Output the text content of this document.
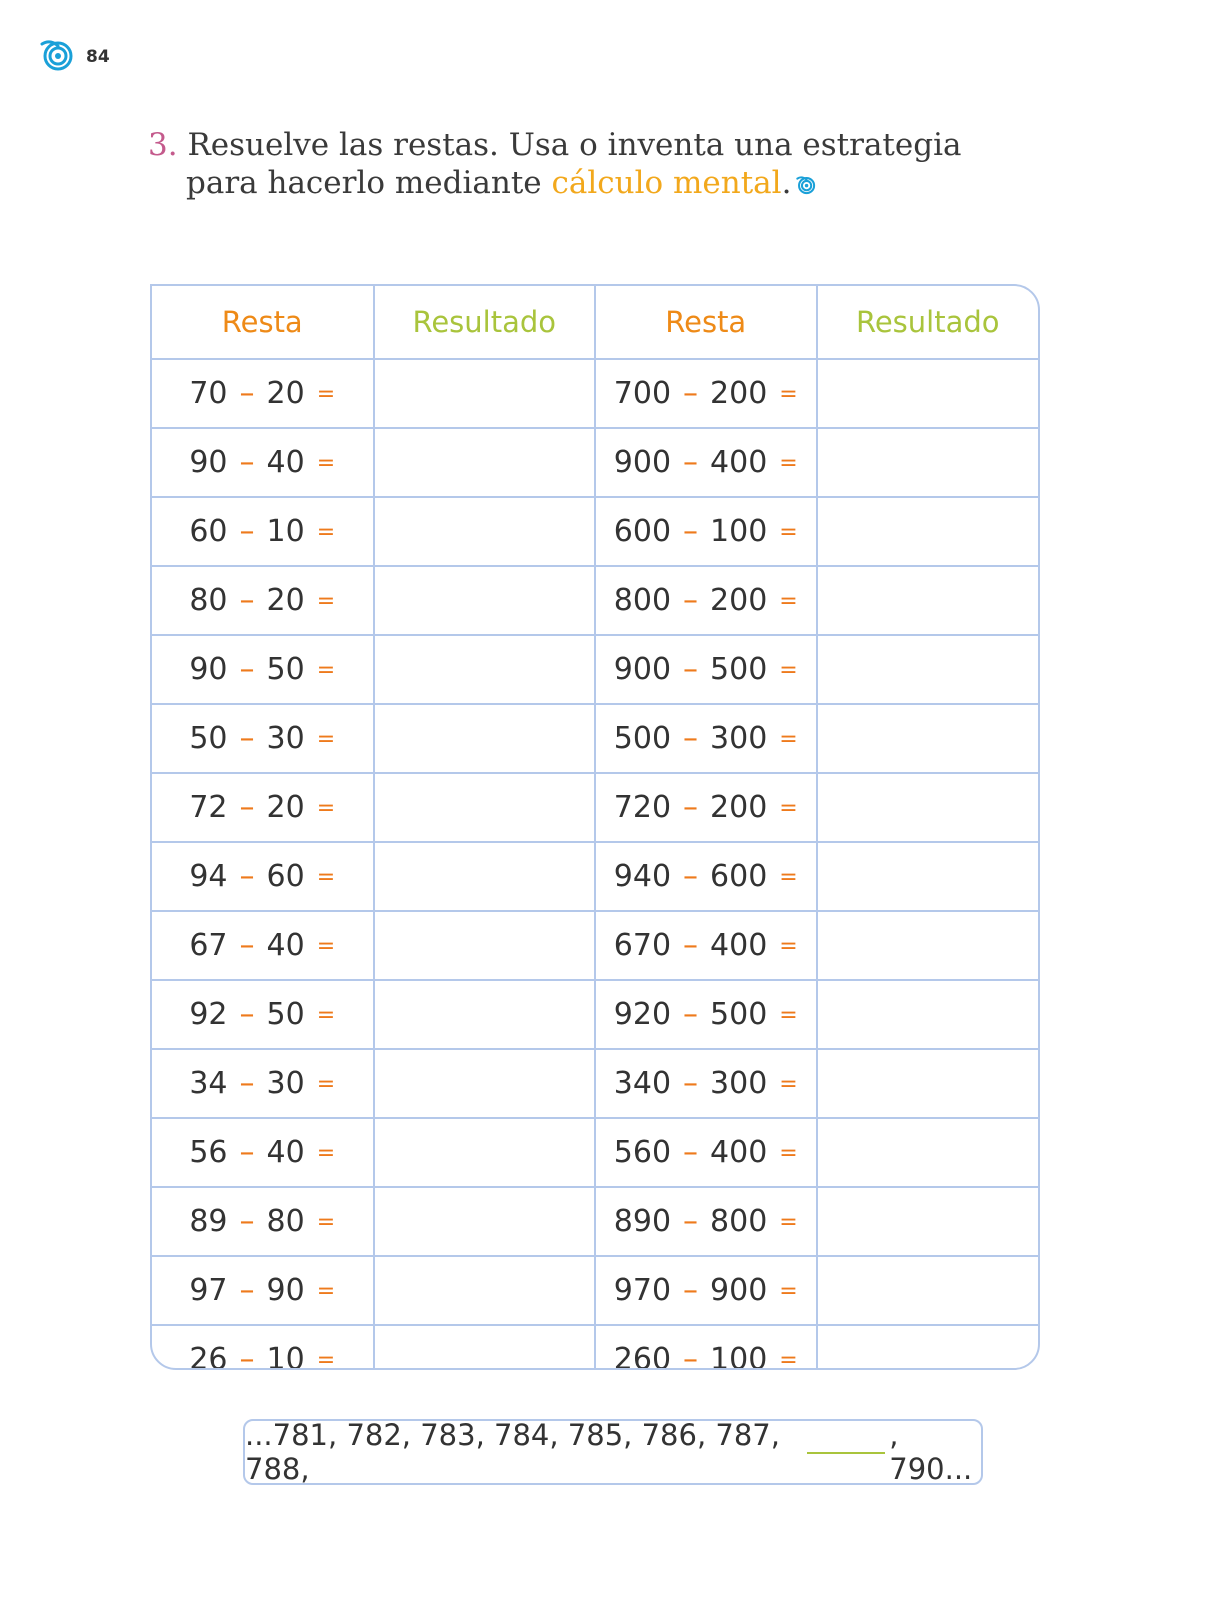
84
3. Resuelve las restas. Usa o inventa una estrategia
para hacerlo mediante cálculo mental.
Resta	Resultado	Resta	Resultado
70 – 20 =		700 – 200 =	
90 – 40 =		900 – 400 =	
60 – 10 =		600 – 100 =	
80 – 20 =		800 – 200 =	
90 – 50 =		900 – 500 =	
50 – 30 =		500 – 300 =	
72 – 20 =		720 – 200 =	
94 – 60 =		940 – 600 =	
67 – 40 =		670 – 400 =	
92 – 50 =		920 – 500 =	
34 – 30 =		340 – 300 =	
56 – 40 =		560 – 400 =	
89 – 80 =		890 – 800 =	
97 – 90 =		970 – 900 =	
26 – 10 =		260 – 100 =	
...781, 782, 783, 784, 785, 786, 787, 788,
, 790...
